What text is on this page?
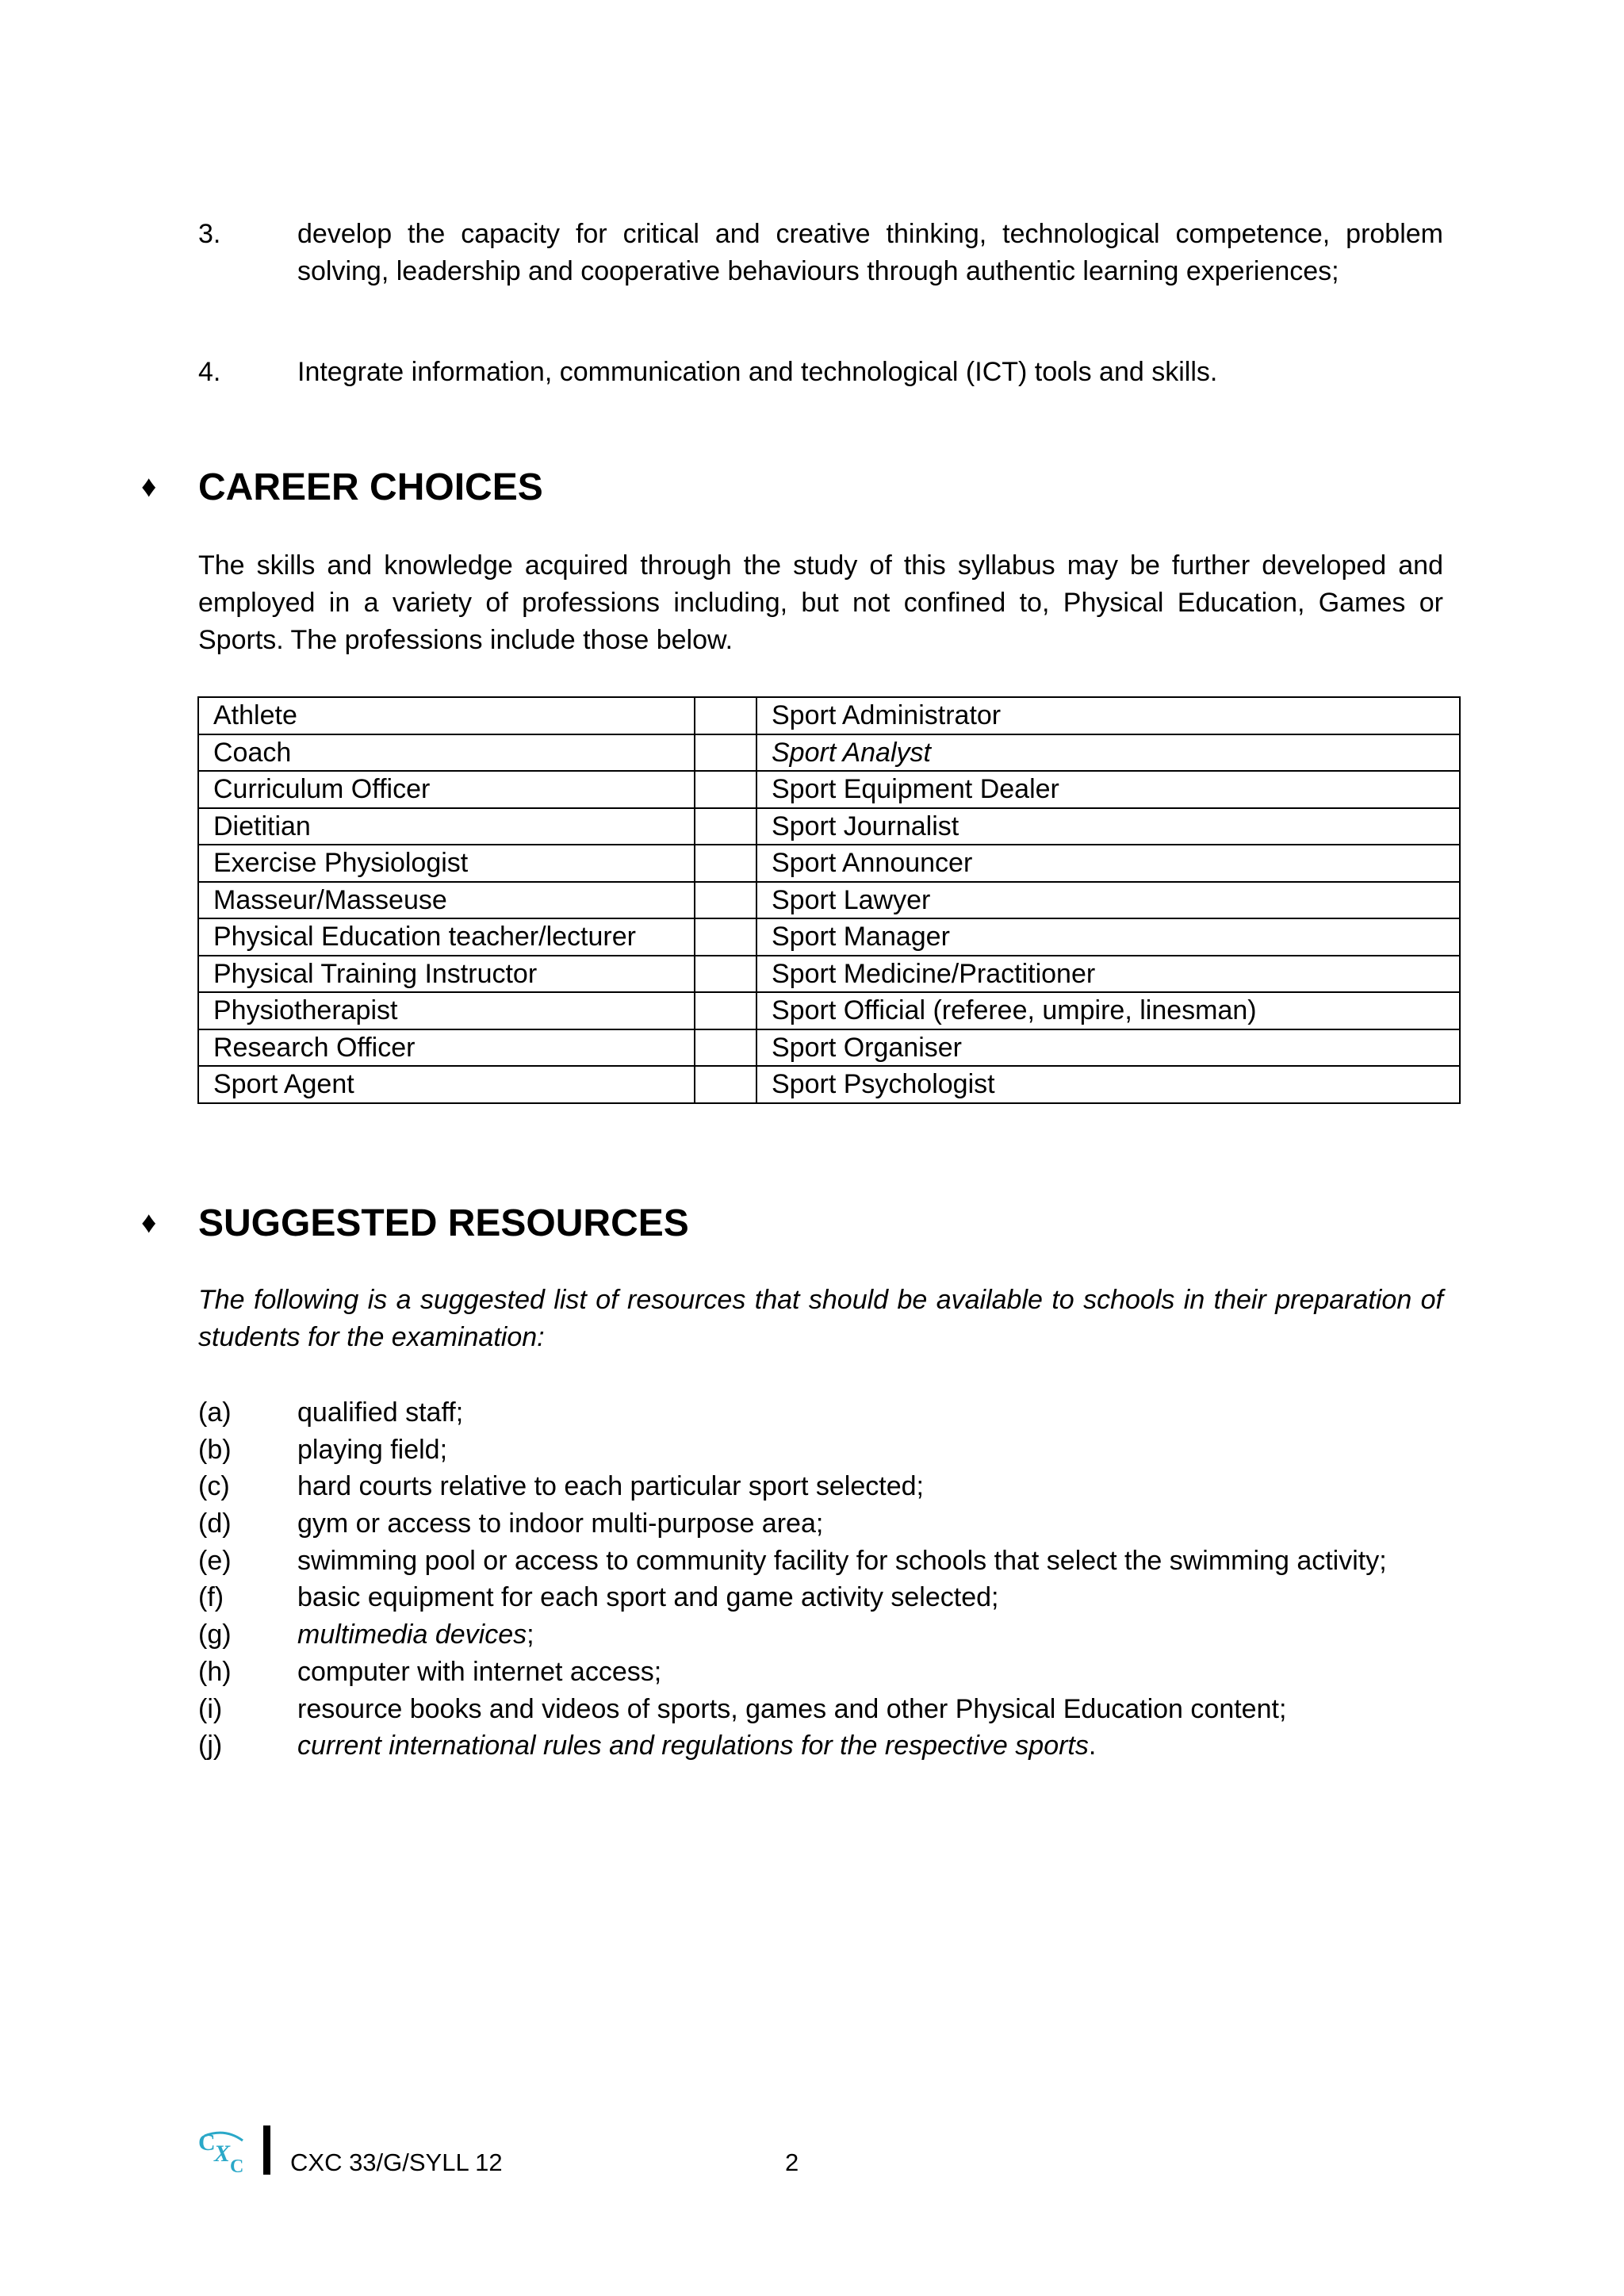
3.	develop the capacity for critical and creative thinking, technological competence, problem solving, leadership and cooperative behaviours through authentic learning experiences;
4.	Integrate information, communication and technological (ICT) tools and skills.
♦ CAREER CHOICES
The skills and knowledge acquired through the study of this syllabus may be further developed and employed in a variety of professions including, but not confined to, Physical Education, Games or Sports. The professions include those below.
Athlete		Sport Administrator
Coach		Sport Analyst
Curriculum Officer		Sport Equipment Dealer
Dietitian		Sport Journalist
Exercise Physiologist		Sport Announcer
Masseur/Masseuse		Sport Lawyer
Physical Education teacher/lecturer		Sport Manager
Physical Training Instructor		Sport Medicine/Practitioner
Physiotherapist		Sport Official (referee, umpire, linesman)
Research Officer		Sport Organiser
Sport Agent		Sport Psychologist
♦ SUGGESTED RESOURCES
The following is a suggested list of resources that should be available to schools in their preparation of students for the examination:
(a) qualified staff;
(b) playing field;
(c)	hard courts relative to each particular sport selected;
(d) gym or access to indoor multi-purpose area;
(e) swimming pool or access to community facility for schools that select the swimming activity;
(f)	basic equipment for each sport and game activity selected;
(g) multimedia devices;
(h) computer with internet access;
(i)	resource books and videos of sports, games and other Physical Education content;
(j)	current international rules and regulations for the respective sports.
C
X C CXC 33/G/SYLL 12	2
